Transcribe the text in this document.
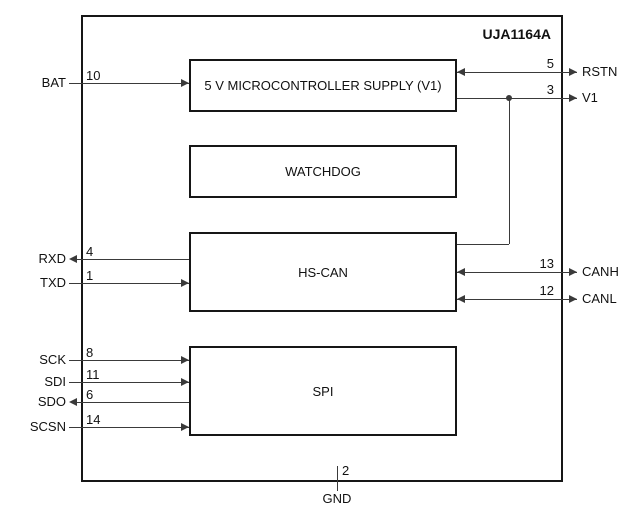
UJA1164A
5 V MICROCONTROLLER SUPPLY (V1)
WATCHDOG
HS-CAN
SPI
BAT
RXD
TXD
SCK
SDI
SDO
SCSN
RSTN
V1
CANH
CANL
GND
10
4
1
8
11
6
14
5
3
13
12
2
